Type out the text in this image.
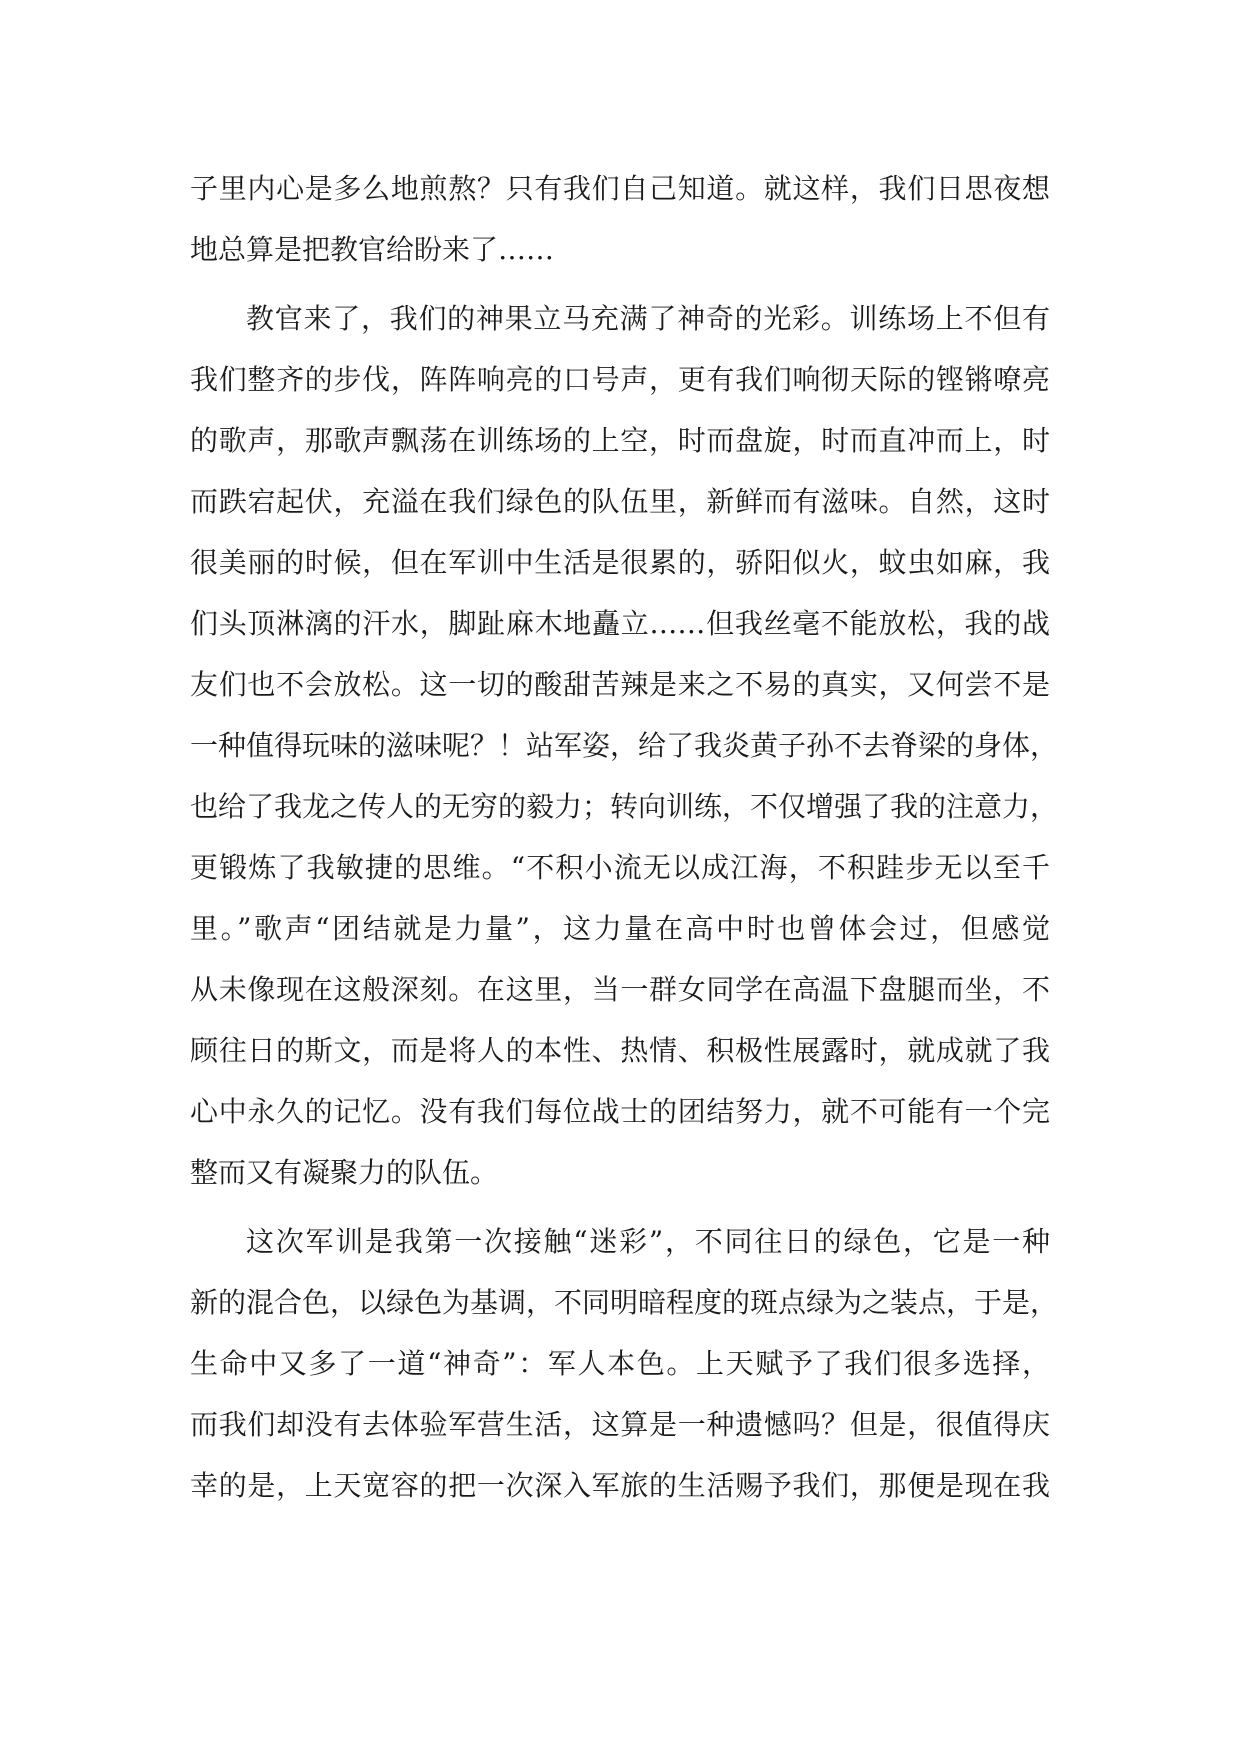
子里内心是多么地煎熬？只有我们自己知道。就这样，我们日思夜想
地总算是把教官给盼来了……
教官来了，我们的神果立马充满了神奇的光彩。训练场上不但有
我们整齐的步伐，阵阵响亮的口号声，更有我们响彻天际的铿锵嘹亮
的歌声，那歌声飘荡在训练场的上空，时而盘旋，时而直冲而上，时
而跌宕起伏，充溢在我们绿色的队伍里，新鲜而有滋味。自然，这时
很美丽的时候，但在军训中生活是很累的，骄阳似火，蚊虫如麻，我
们头顶淋漓的汗水，脚趾麻木地矗立……但我丝毫不能放松，我的战
友们也不会放松。这一切的酸甜苦辣是来之不易的真实，又何尝不是
一种值得玩味的滋味呢？！站军姿，给了我炎黄子孙不去脊梁的身体，
也给了我龙之传人的无穷的毅力；转向训练，不仅增强了我的注意力，
更锻炼了我敏捷的思维。“不积小流无以成江海，不积跬步无以至千
里。”歌声“团结就是力量”，这力量在高中时也曾体会过，但感觉
从未像现在这般深刻。在这里，当一群女同学在高温下盘腿而坐，不
顾往日的斯文，而是将人的本性、热情、积极性展露时，就成就了我
心中永久的记忆。没有我们每位战士的团结努力，就不可能有一个完
整而又有凝聚力的队伍。
这次军训是我第一次接触“迷彩”，不同往日的绿色，它是一种
新的混合色，以绿色为基调，不同明暗程度的斑点绿为之装点，于是，
生命中又多了一道“神奇”：军人本色。上天赋予了我们很多选择，
而我们却没有去体验军营生活，这算是一种遗憾吗？但是，很值得庆
幸的是，上天宽容的把一次深入军旅的生活赐予我们，那便是现在我
